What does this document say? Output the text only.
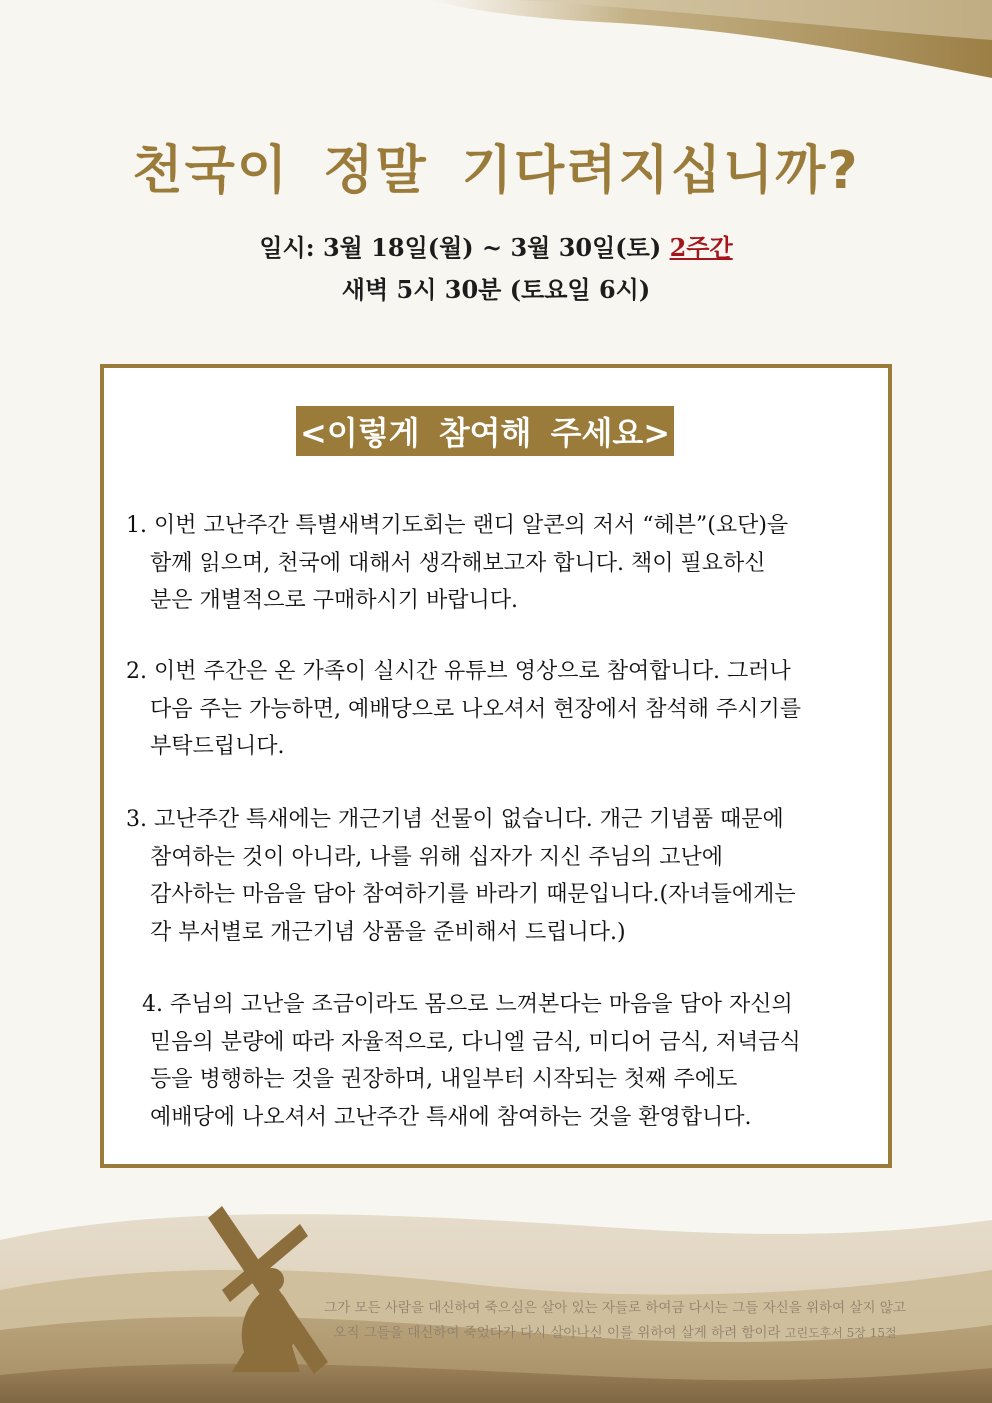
천국이 정말 기다려지십니까?
일시: 3월 18일(월) ~ 3월 30일(토) 2주간
새벽 5시 30분 (토요일 6시)
<이렇게 참여해 주세요>
1. 이번 고난주간 특별새벽기도회는 랜디 알콘의 저서 “헤븐”(요단)을
함께 읽으며, 천국에 대해서 생각해보고자 합니다. 책이 필요하신
분은 개별적으로 구매하시기 바랍니다.
2. 이번 주간은 온 가족이 실시간 유튜브 영상으로 참여합니다. 그러나
다음 주는 가능하면, 예배당으로 나오셔서 현장에서 참석해 주시기를
부탁드립니다.
3. 고난주간 특새에는 개근기념 선물이 없습니다. 개근 기념품 때문에
참여하는 것이 아니라, 나를 위해 십자가 지신 주님의 고난에
감사하는 마음을 담아 참여하기를 바라기 때문입니다.(자녀들에게는
각 부서별로 개근기념 상품을 준비해서 드립니다.)
4. 주님의 고난을 조금이라도 몸으로 느껴본다는 마음을 담아 자신의
믿음의 분량에 따라 자율적으로, 다니엘 금식, 미디어 금식, 저녁금식
등을 병행하는 것을 권장하며, 내일부터 시작되는 첫째 주에도
예배당에 나오셔서 고난주간 특새에 참여하는 것을 환영합니다.
그가 모든 사람을 대신하여 죽으심은 살아 있는 자들로 하여금 다시는 그들 자신을 위하여 살지 않고
오직 그들을 대신하여 죽었다가 다시 살아나신 이를 위하여 살게 하려 함이라 고린도후서 5장 15절
